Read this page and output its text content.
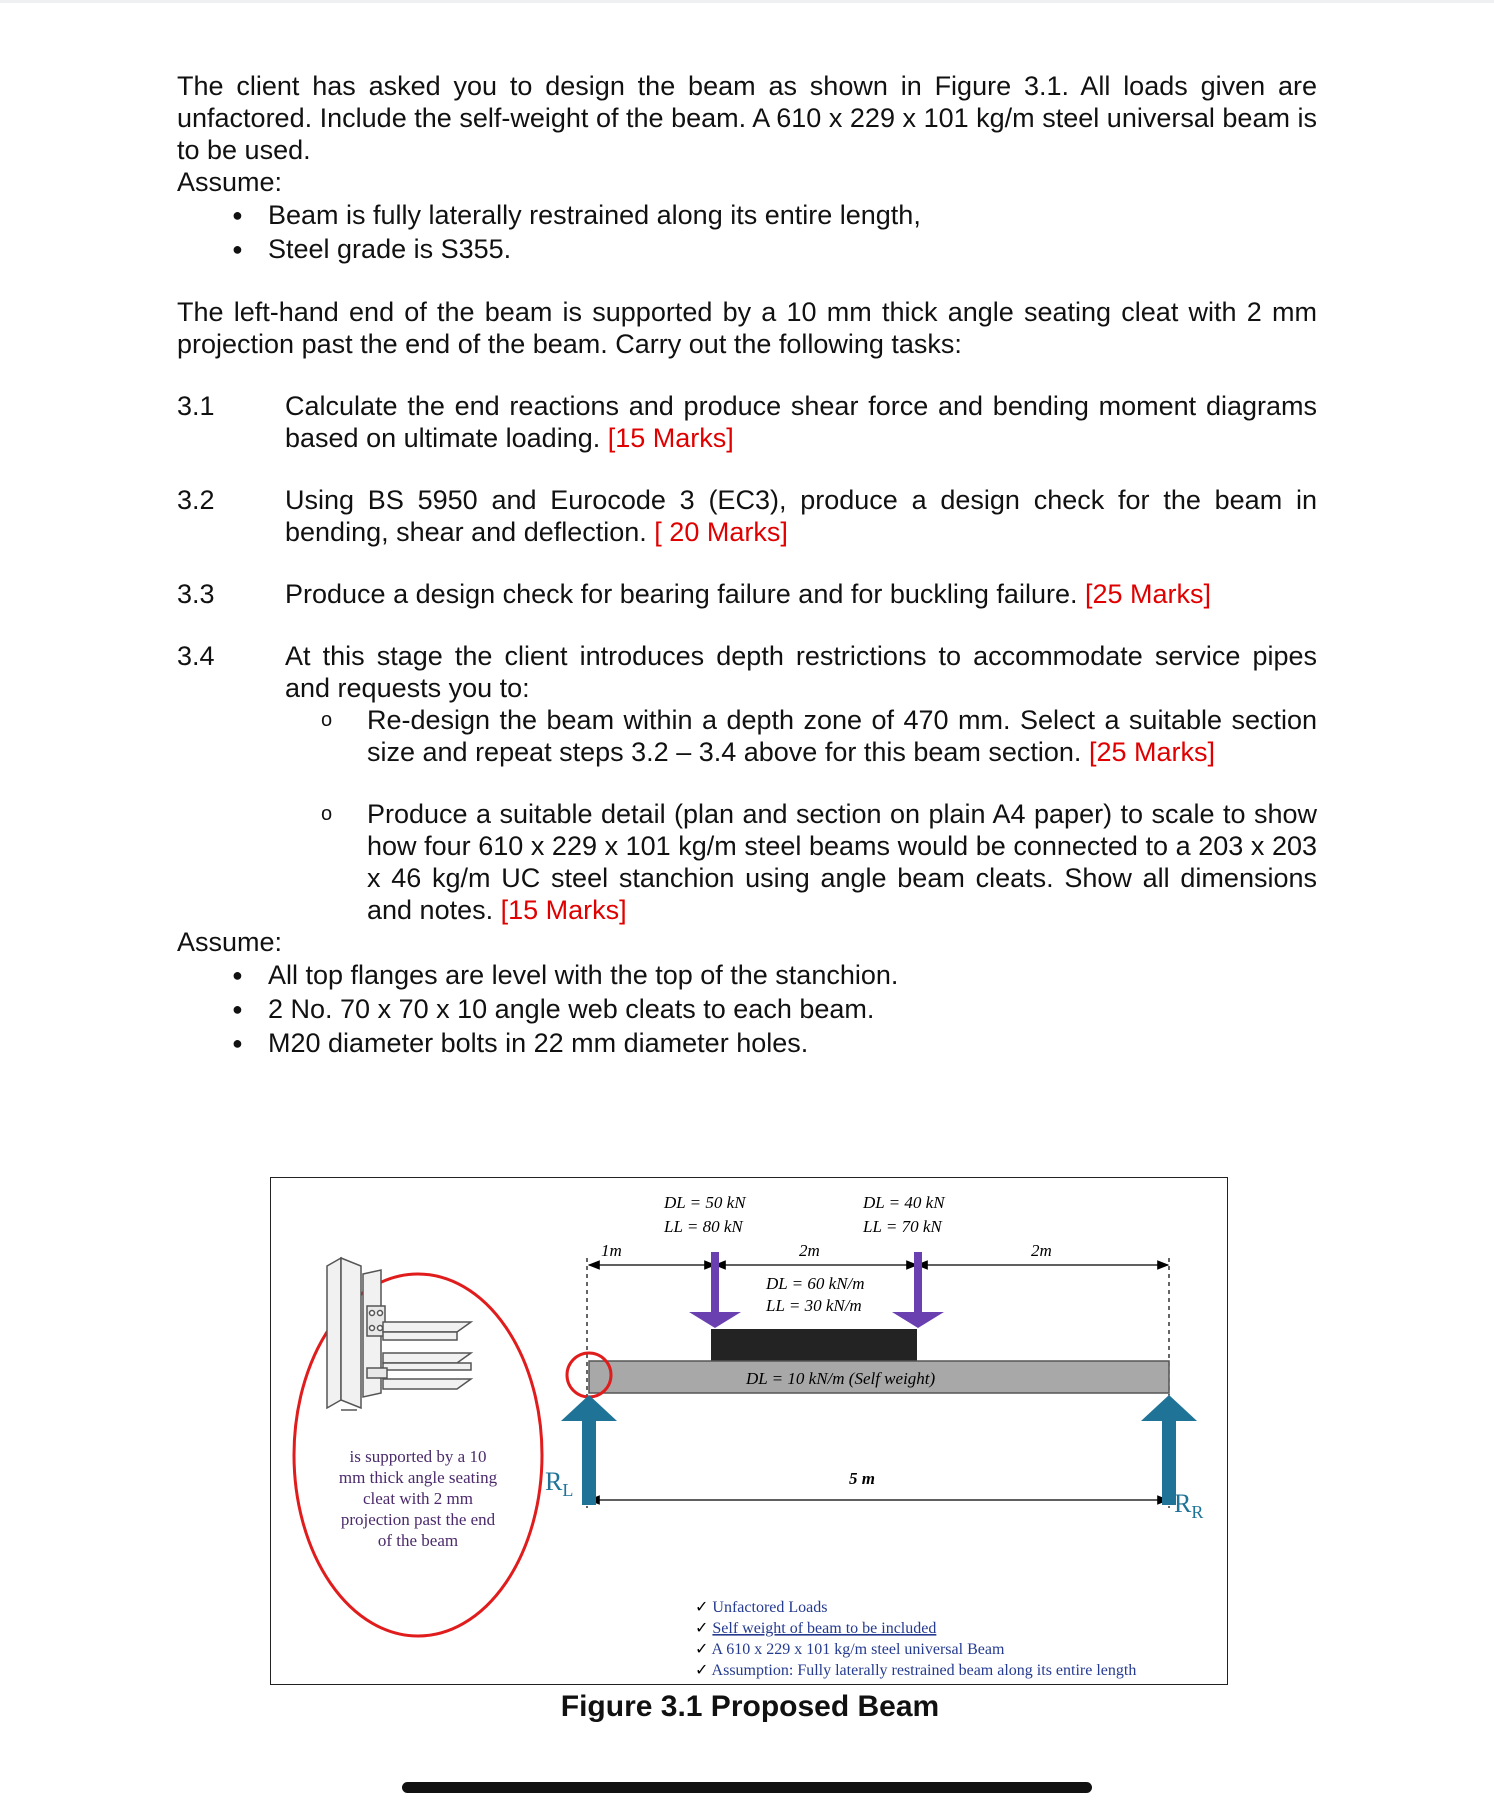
The client has asked you to design the beam as shown in Figure 3.1. All loads given are unfactored. Include the self-weight of the beam. A 610 x 229 x 101 kg/m steel universal beam is to be used.

Assume:
● Beam is fully laterally restrained along its entire length,
● Steel grade is S355.

The left-hand end of the beam is supported by a 10 mm thick angle seating cleat with 2 mm projection past the end of the beam. Carry out the following tasks:

3.1	Calculate the end reactions and produce shear force and bending moment diagrams based on ultimate loading. [15 Marks]
3.2	Using BS 5950 and Eurocode 3 (EC3), produce a design check for the beam in bending, shear and deflection. [ 20 Marks]
3.3	Produce a design check for bearing failure and for buckling failure. [25 Marks]
3.4	At this stage the client introduces depth restrictions to accommodate service pipes and requests you to:
o Re-design the beam within a depth zone of 470 mm. Select a suitable section size and repeat steps 3.2 – 3.4 above for this beam section. [25 Marks]
o Produce a suitable detail (plan and section on plain A4 paper) to scale to show how four 610 x 229 x 101 kg/m steel beams would be connected to a 203 x 203 x 46 kg/m UC steel stanchion using angle beam cleats. Show all dimensions and notes. [15 Marks]
Assume:
● All top flanges are level with the top of the stanchion.
● 2 No. 70 x 70 x 10 angle web cleats to each beam.
● M20 diameter bolts in 22 mm diameter holes.
is supported by a 10
mm thick angle seating
cleat with 2 mm
projection past the end
of the beam
1m	2m	2m
5 m
DL = 50 kN
LL = 80 kN
DL = 40 kN
LL = 70 kN
DL = 60 kN/m
LL = 30 kN/m
DL = 10 kN/m (Self weight)
$R_L$	$R_R$
✓ Unfactored Loads
✓ Self weight of beam to be included
✓ A 610 x 229 x 101 kg/m steel universal Beam
✓ Assumption: Fully laterally restrained beam along its entire length
Figure 3.1 Proposed Beam
